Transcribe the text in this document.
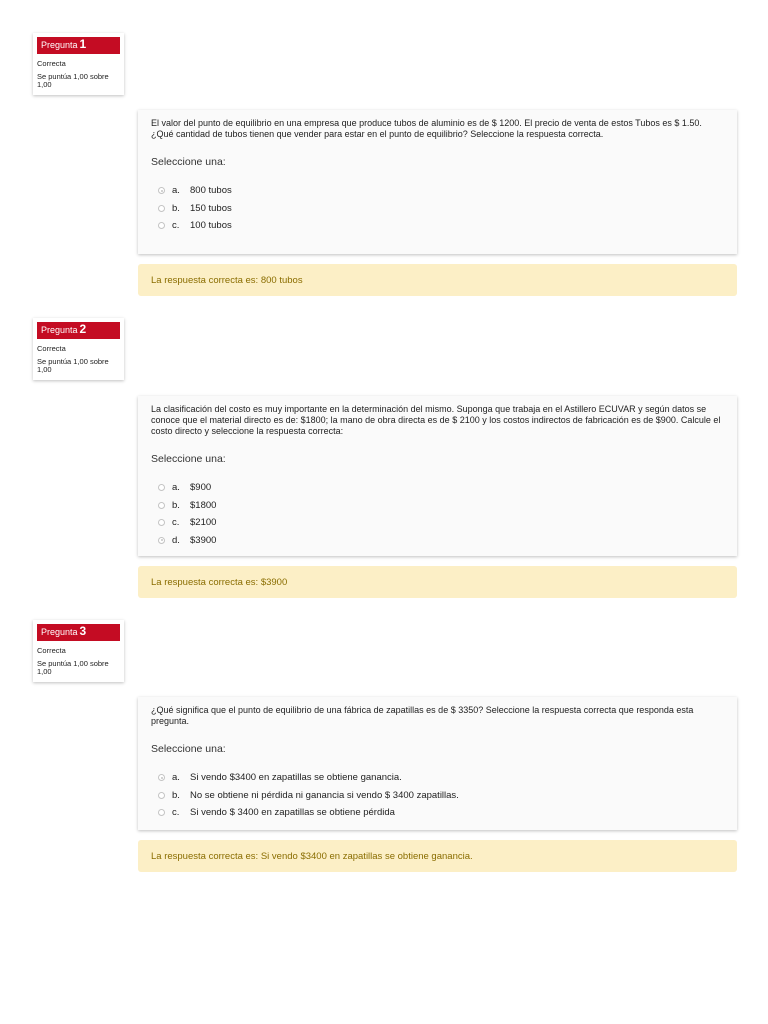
Pregunta 1
Correcta
Se puntúa 1,00 sobre 1,00
El valor del punto de equilibrio en una empresa que produce tubos de aluminio es de $ 1200. El precio de venta de estos Tubos es $ 1.50. ¿Qué cantidad de tubos tienen que vender para estar en el punto de equilibrio? Seleccione la respuesta correcta.
Seleccione una:
a.	800 tubos
b.	150 tubos
c.	100 tubos
La respuesta correcta es: 800 tubos
Pregunta 2
Correcta
Se puntúa 1,00 sobre 1,00
La clasificación del costo es muy importante en la determinación del mismo. Suponga que trabaja en el Astillero ECUVAR y según datos se conoce que el material directo es de: $1800; la mano de obra directa es de $ 2100 y los costos indirectos de fabricación es de $900. Calcule el costo directo y seleccione la respuesta correcta:
Seleccione una:
a.	$900
b.	$1800
c.	$2100
d.	$3900
La respuesta correcta es: $3900
Pregunta 3
Correcta
Se puntúa 1,00 sobre 1,00
¿Qué significa que el punto de equilibrio de una fábrica de zapatillas es de $ 3350? Seleccione la respuesta correcta que responda esta pregunta.
Seleccione una:
a.	Si vendo $3400 en zapatillas se obtiene ganancia.
b.	No se obtiene ni pérdida ni ganancia si vendo $ 3400 zapatillas.
c.	Si vendo $ 3400 en zapatillas se obtiene pérdida
La respuesta correcta es: Si vendo $3400 en zapatillas se obtiene ganancia.
